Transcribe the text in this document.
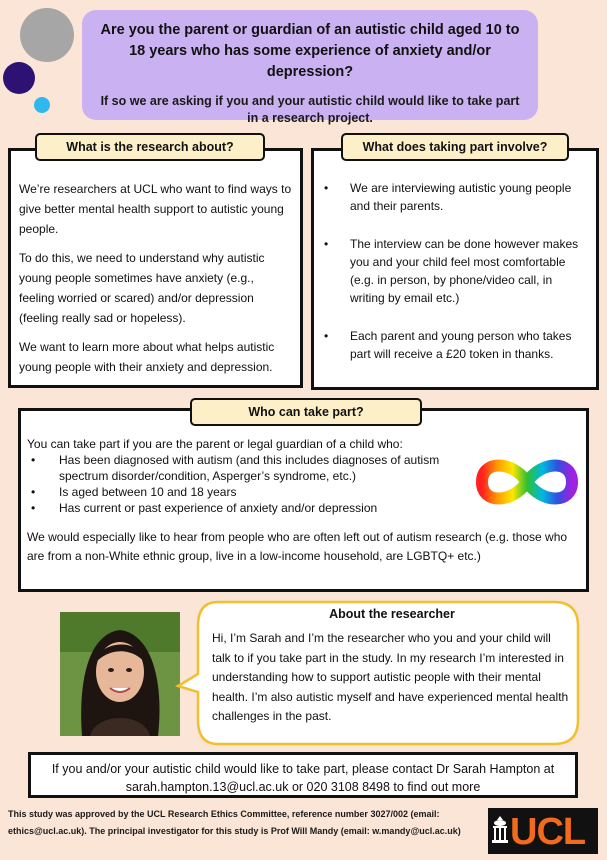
Are you the parent or guardian of an autistic child aged 10 to 18 years who has some experience of anxiety and/or depression?

If so we are asking if you and your autistic child would like to take part in a research project.

We’re researchers at UCL who want to find ways to give better mental health support to autistic young people.

To do this, we need to understand why autistic young people sometimes have anxiety (e.g., feeling worried or scared) and/or depression (feeling really sad or hopeless).

We want to learn more about what helps autistic young people with their anxiety and depression.

What is the research about?
• We are interviewing autistic young people and their parents.
• The interview can be done however makes you and your child feel most comfortable (e.g. in person, by phone/video call, in writing by email etc.)
• Each parent and young person who takes part will receive a £20 token in thanks.
What does taking part involve?

You can take part if you are the parent or legal guardian of a child who:

• Has been diagnosed with autism (and this includes diagnoses of autism spectrum disorder/condition, Asperger’s syndrome, etc.)
• Is aged between 10 and 18 years
• Has current or past experience of anxiety and/or depression

We would especially like to hear from people who are often left out of autism research (e.g. those who are from a non-White ethnic group, live in a low-income household, are LGBTQ+ etc.)

Who can take part?

About the researcher

Hi, I’m Sarah and I’m the researcher who you and your child will talk to if you take part in the study. In my research I’m interested in understanding how to support autistic people with their mental health. I’m also autistic myself and have experienced mental health challenges in the past.

If you and/or your autistic child would like to take part, please contact Dr Sarah Hampton at sarah.hampton.13@ucl.ac.uk or 020 3108 8498 to find out more
This study was approved by the UCL Research Ethics Committee, reference number 3027/002 (email: ethics@ucl.ac.uk). The principal investigator for this study is Prof Will Mandy (email: w.mandy@ucl.ac.uk)	UCL
